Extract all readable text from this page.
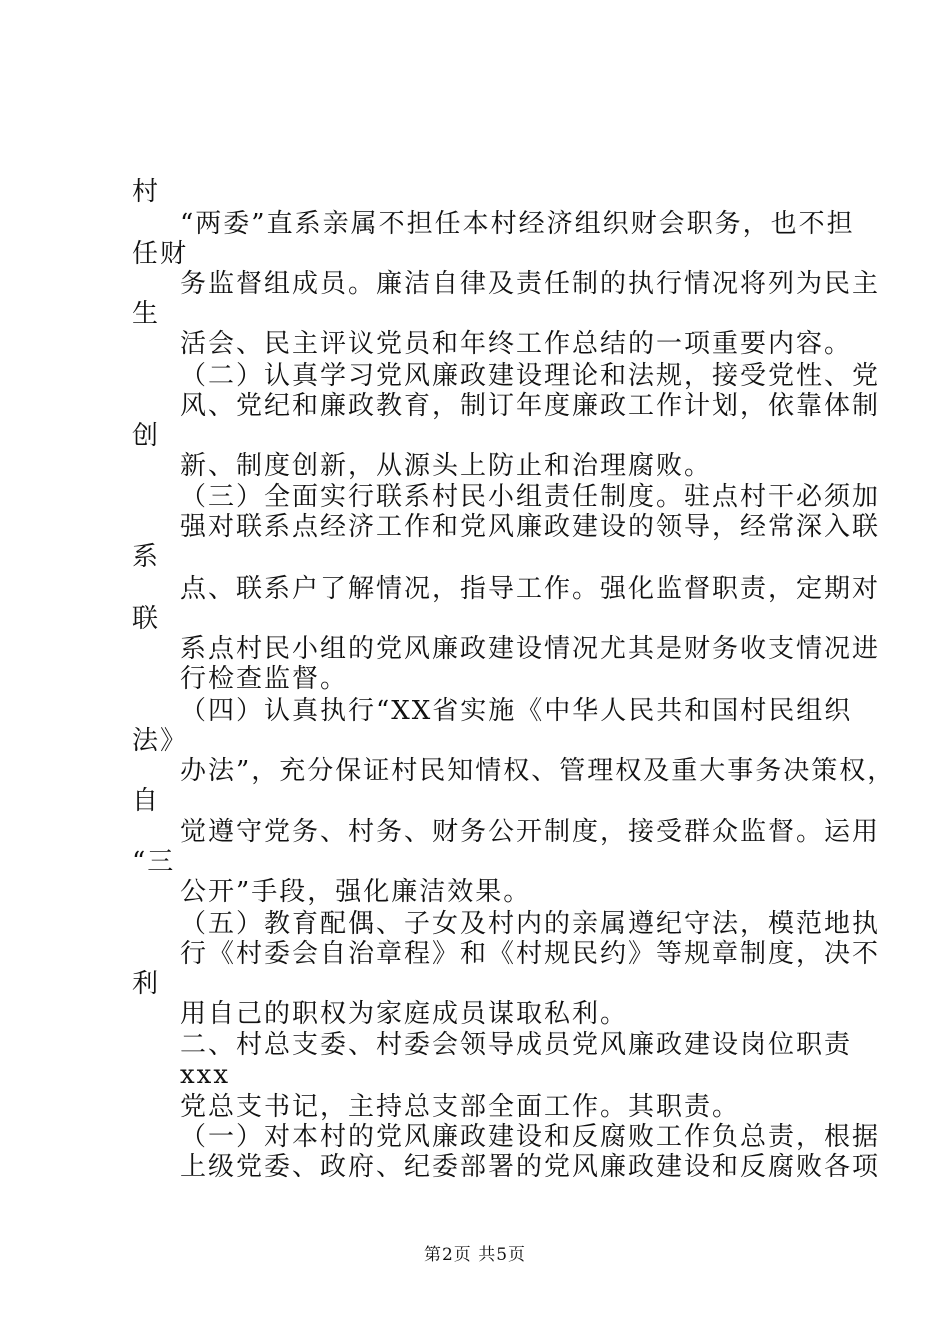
村
“两委”直系亲属不担任本村经济组织财会职务，也不担
任财
务监督组成员。廉洁自律及责任制的执行情况将列为民主
生
活会、民主评议党员和年终工作总结的一项重要内容。
（二）认真学习党风廉政建设理论和法规，接受党性、党
风、党纪和廉政教育，制订年度廉政工作计划，依靠体制
创
新、制度创新，从源头上防止和治理腐败。
（三）全面实行联系村民小组责任制度。驻点村干必须加
强对联系点经济工作和党风廉政建设的领导，经常深入联
系
点、联系户了解情况，指导工作。强化监督职责，定期对
联
系点村民小组的党风廉政建设情况尤其是财务收支情况进
行检查监督。
（四）认真执行“XX省实施《中华人民共和国村民组织
法》
办法”，充分保证村民知情权、管理权及重大事务决策权，
自
觉遵守党务、村务、财务公开制度，接受群众监督。运用
“三
公开”手段，强化廉洁效果。
（五）教育配偶、子女及村内的亲属遵纪守法，模范地执
行《村委会自治章程》和《村规民约》等规章制度，决不
利
用自己的职权为家庭成员谋取私利。
二、村总支委、村委会领导成员党风廉政建设岗位职责
xxx
党总支书记，主持总支部全面工作。其职责。
（一）对本村的党风廉政建设和反腐败工作负总责，根据
上级党委、政府、纪委部署的党风廉政建设和反腐败各项
第2页 共5页
